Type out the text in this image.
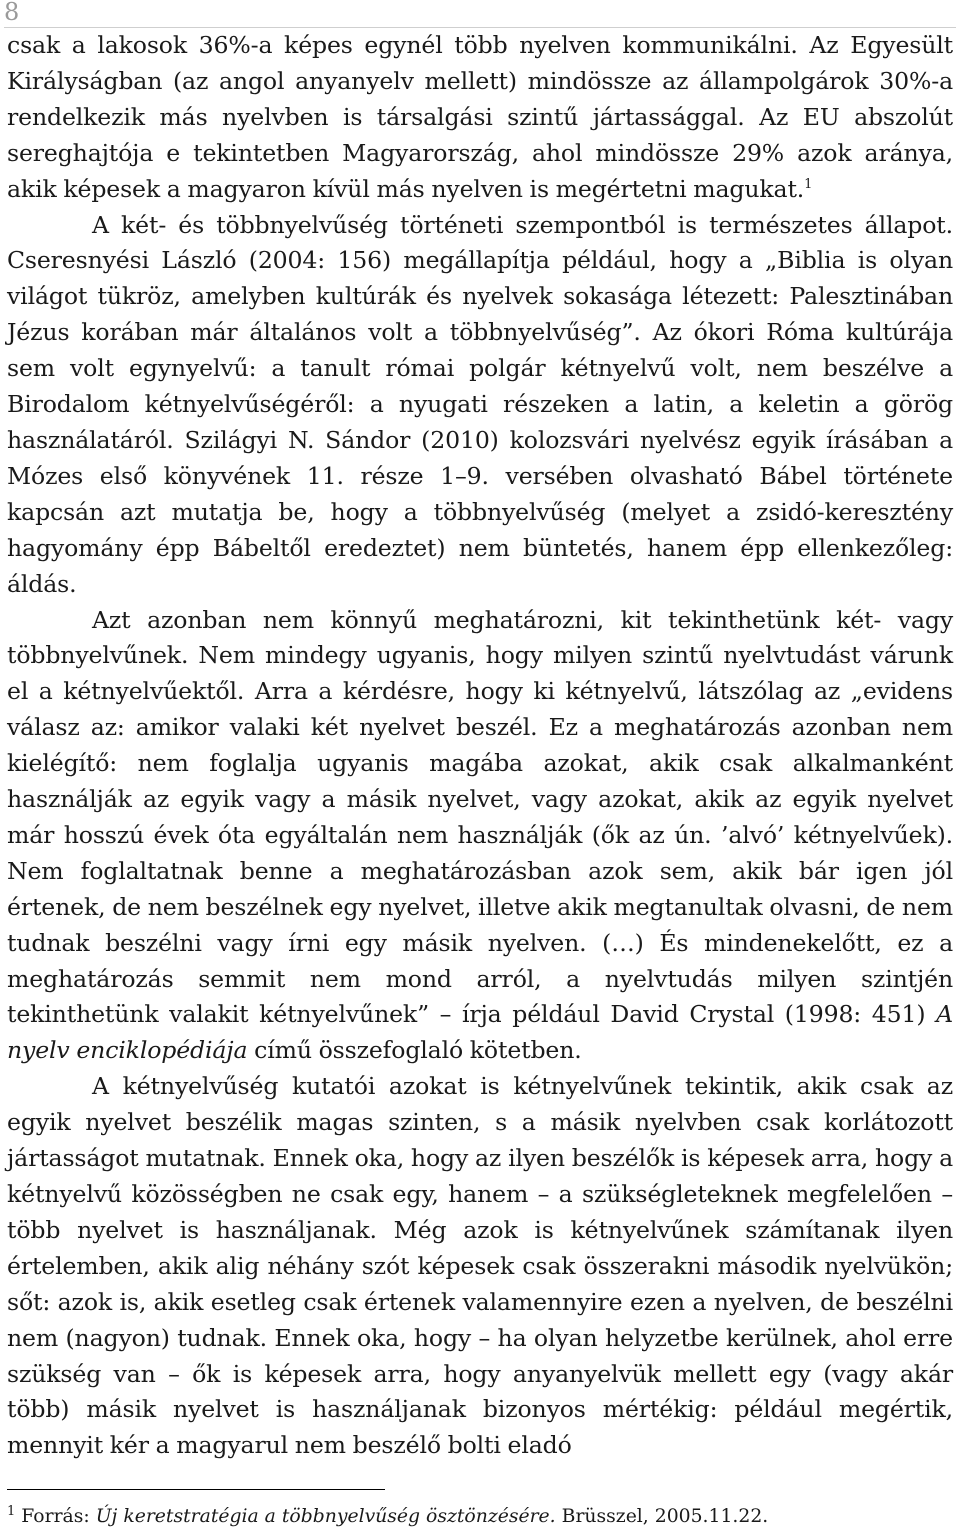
8

csak a lakosok 36%-a képes egynél több nyelven kommunikálni. Az Egyesült Királyságban (az angol anyanyelv mellett) mindössze az állampolgárok 30%-a rendelkezik más nyelvben is társalgási szintű jártassággal. Az EU abszolút sereghajtója e tekintetben Magyarország, ahol mindössze 29% azok aránya, akik képesek a magyaron kívül más nyelven is megértetni magukat.$^1$

A két- és többnyelvűség történeti szempontból is természetes állapot. Cseresnyési László (2004: 156) megállapítja például, hogy a „Biblia is olyan világot tükröz, amelyben kultúrák és nyelvek sokasága létezett: Palesztinában Jézus korában már általános volt a többnyelvűség”. Az ókori Róma kultúrája sem volt egynyelvű: a tanult római polgár kétnyelvű volt, nem beszélve a Birodalom kétnyelvűségéről: a nyugati részeken a latin, a keletin a görög használatáról. Szilágyi N. Sándor (2010) kolozsvári nyelvész egyik írásában a Mózes első könyvének 11. része 1–9. versében olvasható Bábel története kapcsán azt mutatja be, hogy a többnyelvűség (melyet a zsidó-keresztény hagyomány épp Bábeltől eredeztet) nem büntetés, hanem épp ellenkezőleg: áldás.

Azt azonban nem könnyű meghatározni, kit tekinthetünk két- vagy többnyelvűnek. Nem mindegy ugyanis, hogy milyen szintű nyelvtudást várunk el a kétnyelvűektől. Arra a kérdésre, hogy ki kétnyelvű, látszólag az „evidens válasz az: amikor valaki két nyelvet beszél. Ez a meghatározás azonban nem kielégítő: nem foglalja ugyanis magába azokat, akik csak alkalmanként használják az egyik vagy a másik nyelvet, vagy azokat, akik az egyik nyelvet már hosszú évek óta egyáltalán nem használják (ők az ún. ’alvó’ kétnyelvűek). Nem foglaltatnak benne a meghatározásban azok sem, akik bár igen jól értenek, de nem beszélnek egy nyelvet, illetve akik megtanultak olvasni, de nem tudnak beszélni vagy írni egy másik nyelven. (…) És mindenekelőtt, ez a meghatározás semmit nem mond arról, a nyelvtudás milyen szintjén tekinthetünk valakit kétnyelvűnek” – írja például David Crystal (1998: 451) A nyelv enciklopédiája című összefoglaló kötetben.

A kétnyelvűség kutatói azokat is kétnyelvűnek tekintik, akik csak az egyik nyelvet beszélik magas szinten, s a másik nyelvben csak korlátozott jártasságot mutatnak. Ennek oka, hogy az ilyen beszélők is képesek arra, hogy a kétnyelvű közösségben ne csak egy, hanem – a szükségleteknek megfelelően – több nyelvet is használjanak. Még azok is kétnyelvűnek számítanak ilyen értelemben, akik alig néhány szót képesek csak összerakni második nyelvükön; sőt: azok is, akik esetleg csak értenek valamennyire ezen a nyelven, de beszélni nem (nagyon) tudnak. Ennek oka, hogy – ha olyan helyzetbe kerülnek, ahol erre szükség van – ők is képesek arra, hogy anyanyelvük mellett egy (vagy akár több) másik nyelvet is használjanak bizonyos mértékig: például megértik, mennyit kér a magyarul nem beszélő bolti eladó

$^1$ Forrás: Új keretstratégia a többnyelvűség ösztönzésére. Brüsszel, 2005.11.22.
